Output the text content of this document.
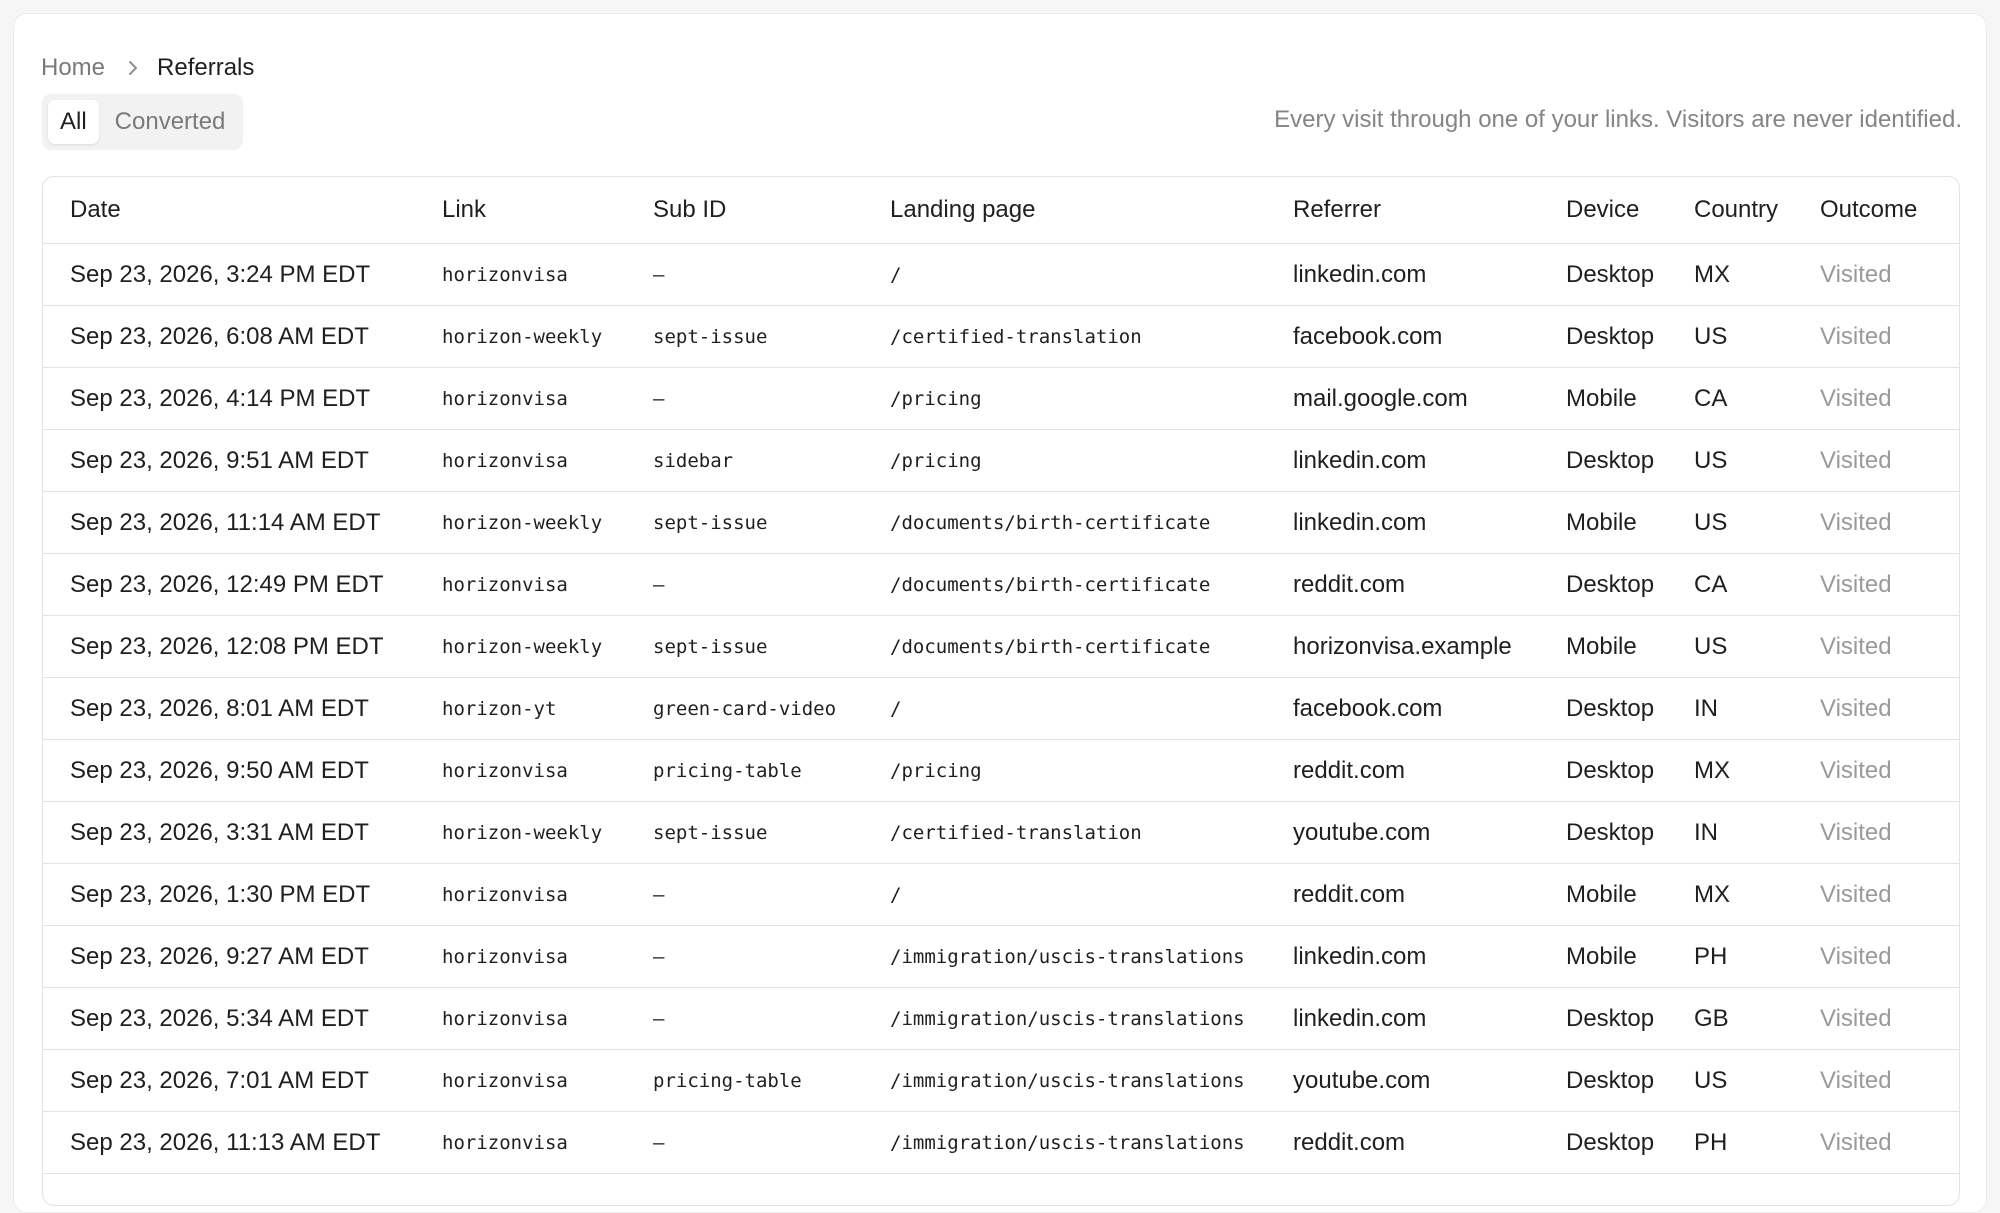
Home Referrals
All	Converted	Every visit through one of your links. Visitors are never identified.
Date	Link	Sub ID	Landing page	Referrer	Device	Country	Outcome
Sep 23, 2026, 3:24 PM EDT	horizonvisa	–	/	linkedin.com	Desktop	MX	Visited
Sep 23, 2026, 6:08 AM EDT	horizon-weekly	sept-issue	/certified-translation	facebook.com	Desktop	US	Visited
Sep 23, 2026, 4:14 PM EDT	horizonvisa	–	/pricing	mail.google.com	Mobile	CA	Visited
Sep 23, 2026, 9:51 AM EDT	horizonvisa	sidebar	/pricing	linkedin.com	Desktop	US	Visited
Sep 23, 2026, 11:14 AM EDT	horizon-weekly	sept-issue	/documents/birth-certificate	linkedin.com	Mobile	US	Visited
Sep 23, 2026, 12:49 PM EDT	horizonvisa	–	/documents/birth-certificate	reddit.com	Desktop	CA	Visited
Sep 23, 2026, 12:08 PM EDT	horizon-weekly	sept-issue	/documents/birth-certificate	horizonvisa.example	Mobile	US	Visited
Sep 23, 2026, 8:01 AM EDT	horizon-yt	green-card-video	/	facebook.com	Desktop	IN	Visited
Sep 23, 2026, 9:50 AM EDT	horizonvisa	pricing-table	/pricing	reddit.com	Desktop	MX	Visited
Sep 23, 2026, 3:31 AM EDT	horizon-weekly	sept-issue	/certified-translation	youtube.com	Desktop	IN	Visited
Sep 23, 2026, 1:30 PM EDT	horizonvisa	–	/	reddit.com	Mobile	MX	Visited
Sep 23, 2026, 9:27 AM EDT	horizonvisa	–	/immigration/uscis-translations	linkedin.com	Mobile	PH	Visited
Sep 23, 2026, 5:34 AM EDT	horizonvisa	–	/immigration/uscis-translations	linkedin.com	Desktop	GB	Visited
Sep 23, 2026, 7:01 AM EDT	horizonvisa	pricing-table	/immigration/uscis-translations	youtube.com	Desktop	US	Visited
Sep 23, 2026, 11:13 AM EDT	horizonvisa	–	/immigration/uscis-translations	reddit.com	Desktop	PH	Visited
